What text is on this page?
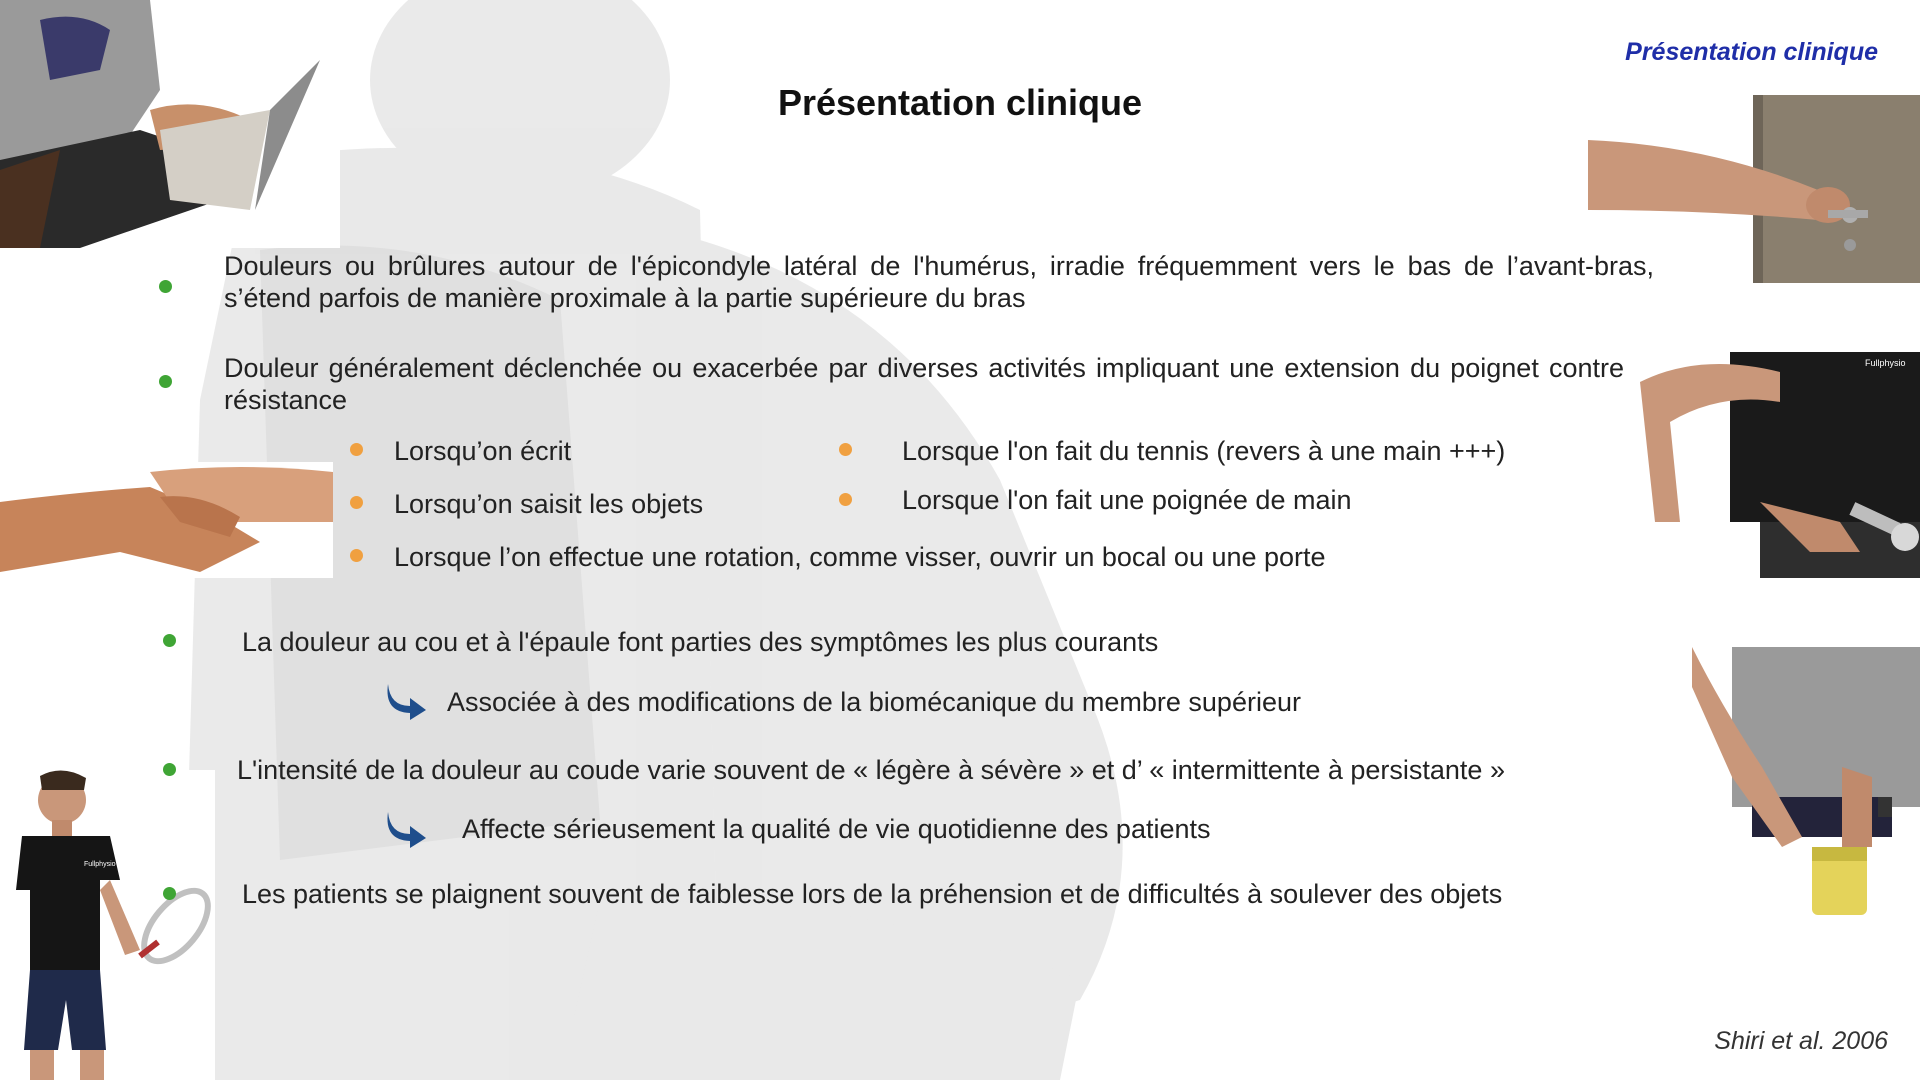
Fullphysio
Fullphysio
Présentation clinique
Présentation clinique
Douleurs ou brûlures autour de l'épicondyle latéral de l'humérus, irradie fréquemment vers le bas de l’avant-bras, s’étend parfois de manière proximale à la partie supérieure du bras
Douleur généralement déclenchée ou exacerbée par diverses activités impliquant une extension du poignet contre résistance
Lorsqu’on écrit
Lorsqu’on saisit les objets
Lorsque l'on fait du tennis (revers à une main +++)
Lorsque l'on fait une poignée de main
Lorsque l’on effectue une rotation, comme visser, ouvrir un bocal ou une porte
La douleur au cou et à l'épaule font parties des symptômes les plus courants
Associée à des modifications de la biomécanique du membre supérieur
L'intensité de la douleur au coude varie souvent de « légère à sévère » et d’ « intermittente à persistante »
Affecte sérieusement la qualité de vie quotidienne des patients
Les patients se plaignent souvent de faiblesse lors de la préhension et de difficultés à soulever des objets
Shiri et al. 2006
